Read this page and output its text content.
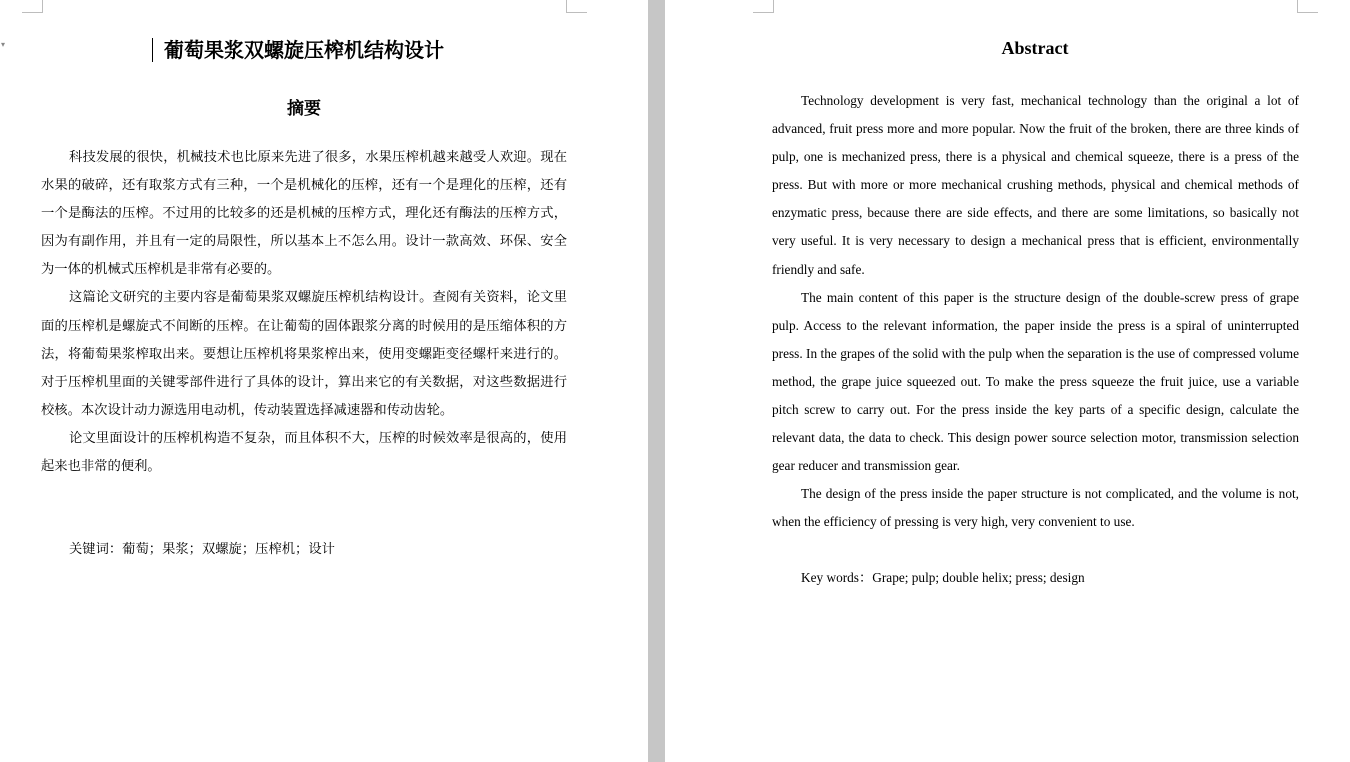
▾	葡萄果浆双螺旋压榨机结构设计
摘要

科技发展的很快，机械技术也比原来先进了很多，水果压榨机越来越受人欢迎。现在水果的破碎，还有取浆方式有三种，一个是机械化的压榨，还有一个是理化的压榨，还有一个是酶法的压榨。不过用的比较多的还是机械的压榨方式，理化还有酶法的压榨方式，因为有副作用，并且有一定的局限性，所以基本上不怎么用。设计一款高效、环保、安全为一体的机械式压榨机是非常有必要的。

这篇论文研究的主要内容是葡萄果浆双螺旋压榨机结构设计。查阅有关资料，论文里面的压榨机是螺旋式不间断的压榨。在让葡萄的固体跟浆分离的时候用的是压缩体积的方法，将葡萄果浆榨取出来。要想让压榨机将果浆榨出来，使用变螺距变径螺杆来进行的。对于压榨机里面的关键零部件进行了具体的设计，算出来它的有关数据，对这些数据进行校核。本次设计动力源选用电动机，传动装置选择减速器和传动齿轮。

论文里面设计的压榨机构造不复杂，而且体积不大，压榨的时候效率是很高的，使用起来也非常的便利。

关键词：葡萄；果浆；双螺旋；压榨机；设计
Abstract

Technology development is very fast, mechanical technology than the original a lot of advanced, fruit press more and more popular. Now the fruit of the broken, there are three kinds of pulp, one is mechanized press, there is a physical and chemical squeeze, there is a press of the press. But with more or more mechanical crushing methods, physical and chemical methods of enzymatic press, because there are side effects, and there are some limitations, so basically not very useful. It is very necessary to design a mechanical press that is efficient, environmentally friendly and safe.

The main content of this paper is the structure design of the double-screw press of grape pulp. Access to the relevant information, the paper inside the press is a spiral of uninterrupted press. In the grapes of the solid with the pulp when the separation is the use of compressed volume method, the grape juice squeezed out. To make the press squeeze the fruit juice, use a variable pitch screw to carry out. For the press inside the key parts of a specific design, calculate the relevant data, the data to check. This design power source selection motor, transmission selection gear reducer and transmission gear.

The design of the press inside the paper structure is not complicated, and the volume is not, when the efficiency of pressing is very high, very convenient to use.

Key words：Grape; pulp; double helix; press; design
